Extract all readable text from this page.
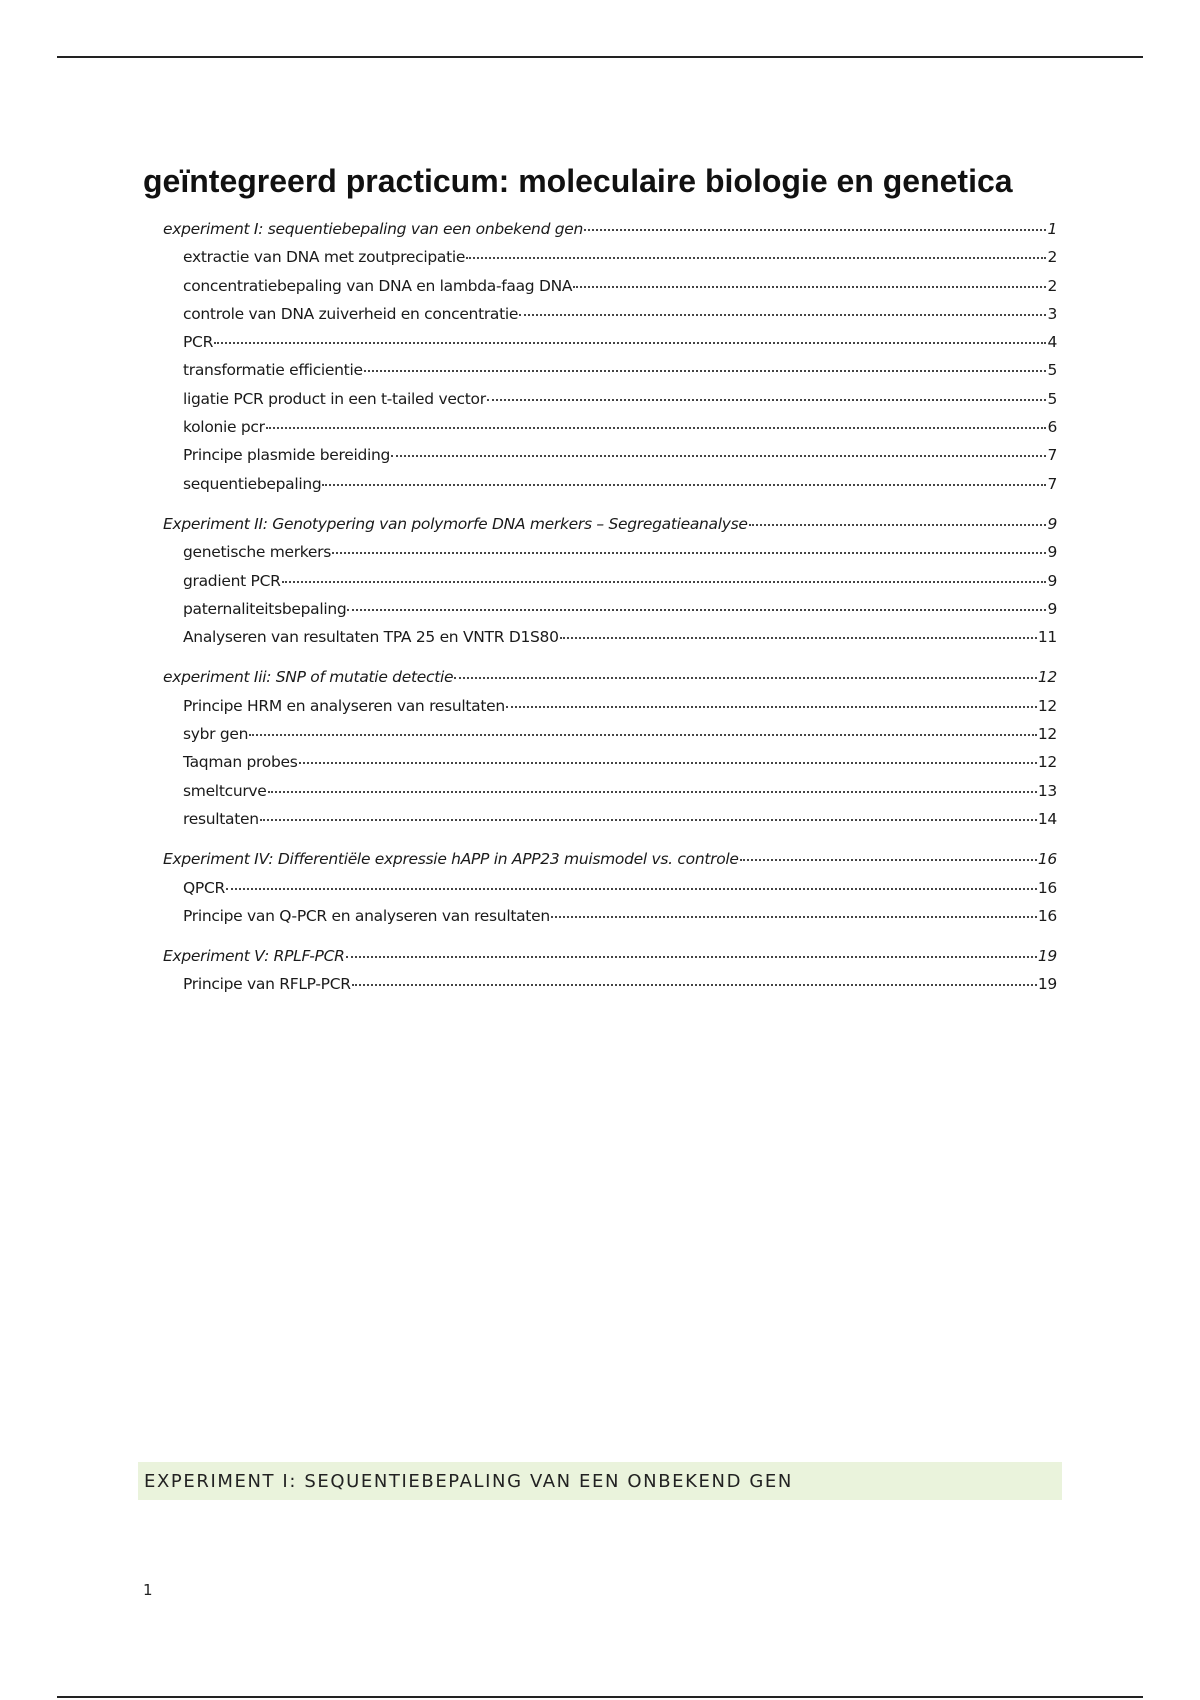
geïntegreerd practicum: moleculaire biologie en genetica
experiment I: sequentiebepaling van een onbekend gen	1
extractie van DNA met zoutprecipatie	2
concentratiebepaling van DNA en lambda-faag DNA	2
controle van DNA zuiverheid en concentratie	3
PCR	4
transformatie efficientie	5
ligatie PCR product in een t-tailed vector	5
kolonie pcr	6
Principe plasmide bereiding	7
sequentiebepaling	7
Experiment II: Genotypering van polymorfe DNA merkers – Segregatieanalyse	9
genetische merkers	9
gradient PCR	9
paternaliteitsbepaling	9
Analyseren van resultaten TPA 25 en VNTR D1S80	11
experiment Iii: SNP of mutatie detectie	12
Principe HRM en analyseren van resultaten	12
sybr gen	12
Taqman probes	12
smeltcurve	13
resultaten	14
Experiment IV: Differentiële expressie hAPP in APP23 muismodel vs. controle	16
QPCR	16
Principe van Q-PCR en analyseren van resultaten	16
Experiment V: RPLF-PCR	19
Principe van RFLP-PCR	19
EXPERIMENT I: SEQUENTIEBEPALING VAN EEN ONBEKEND GEN
1
